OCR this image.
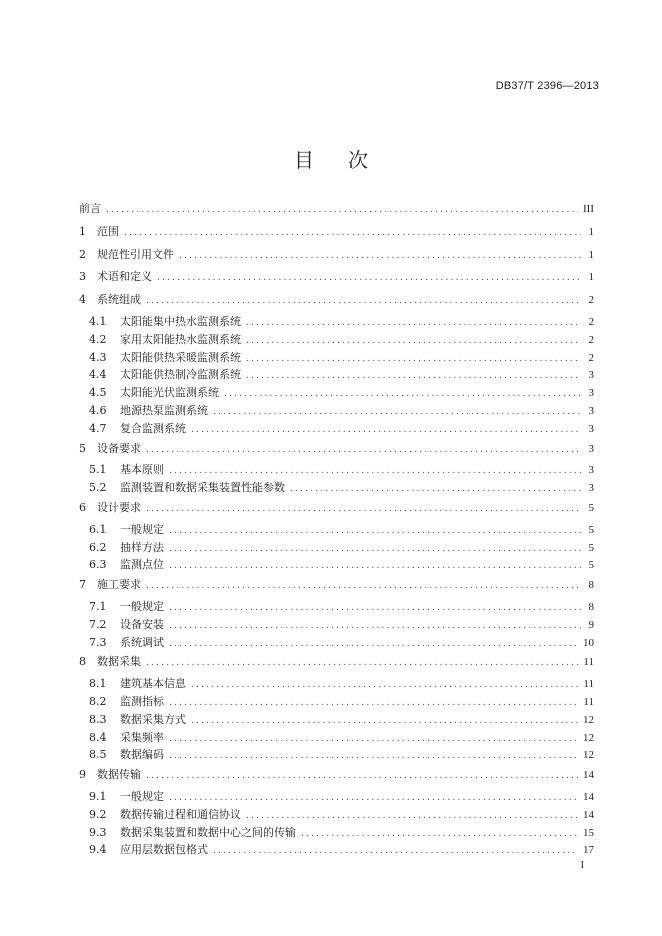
DB37/T 2396—2013
目次
前言 .....	III
1	范围 .....	1
2	规范性引用文件 .....	1
3	术语和定义 .....	1
4	系统组成 .....	2
4.1	太阳能集中热水监测系统 .....	2
4.2	家用太阳能热水监测系统 .....	2
4.3	太阳能供热采暖监测系统 .....	2
4.4	太阳能供热制冷监测系统 .....	3
4.5	太阳能光伏监测系统 .....	3
4.6	地源热泵监测系统 .....	3
4.7	复合监测系统 .....	3
5	设备要求 .....	3
5.1	基本原则 .....	3
5.2	监测装置和数据采集装置性能参数 .....	3
6	设计要求 .....	5
6.1	一般规定 .....	5
6.2	抽样方法 .....	5
6.3	监测点位 .....	5
7	施工要求 .....	8
7.1	一般规定 .....	8
7.2	设备安装 .....	9
7.3	系统调试 .....	10
8	数据采集 .....	11
8.1	建筑基本信息 .....	11
8.2	监测指标 .....	11
8.3	数据采集方式 .....	12
8.4	采集频率 .....	12
8.5	数据编码 .....	12
9	数据传输 .....	14
9.1	一般规定 .....	14
9.2	数据传输过程和通信协议 .....	14
9.3	数据采集装置和数据中心之间的传输 .....	15
9.4	应用层数据包格式 .....	17
I
